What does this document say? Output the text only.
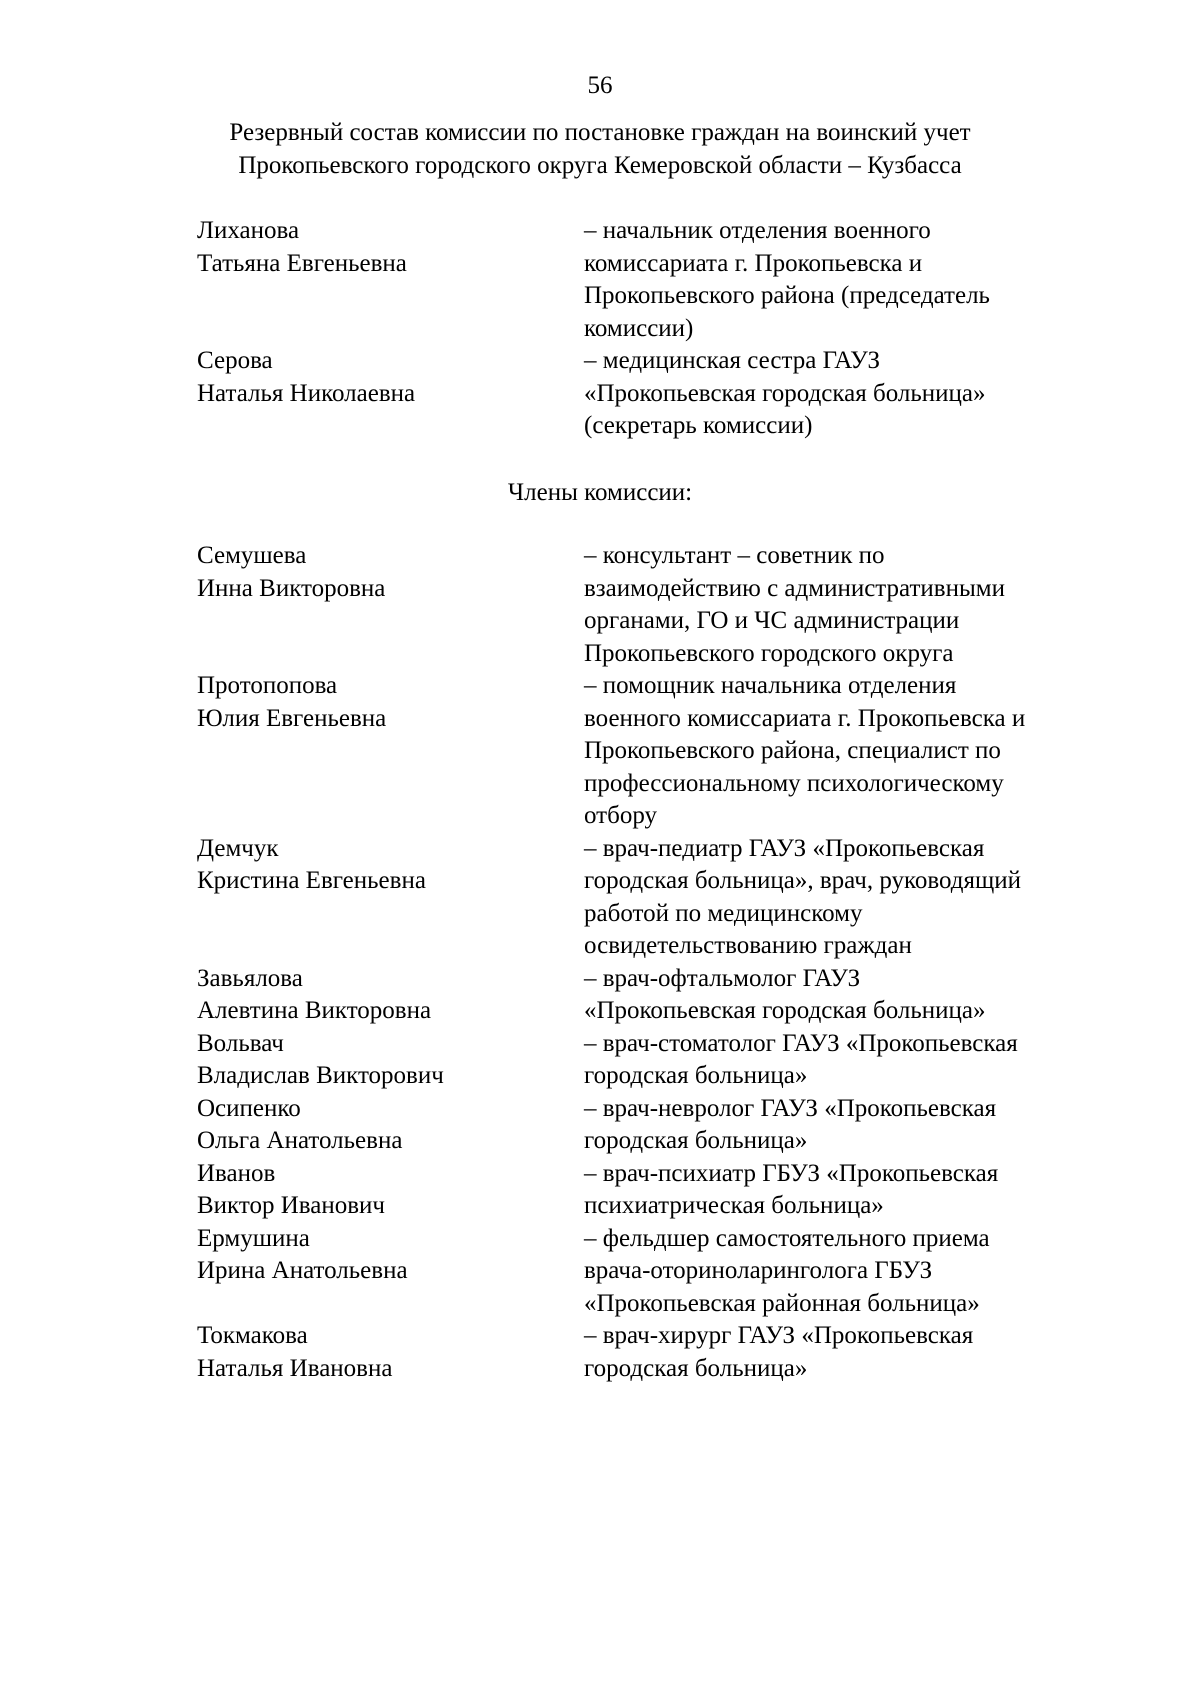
56
Резервный состав комиссии по постановке граждан на воинский учет
Прокопьевского городского округа Кемеровской области – Кузбасса
Лиханова
Татьяна Евгеньевна
– начальник отделения военного
комиссариата г. Прокопьевска и
Прокопьевского района (председатель
комиссии)
Серова
Наталья Николаевна
– медицинская сестра ГАУЗ
«Прокопьевская городская больница»
(секретарь комиссии)
Члены комиссии:
Семушева
Инна Викторовна
– консультант – советник по
взаимодействию с административными
органами, ГО и ЧС администрации
Прокопьевского городского округа
Протопопова
Юлия Евгеньевна
– помощник начальника отделения
военного комиссариата г. Прокопьевска и
Прокопьевского района, специалист по
профессиональному психологическому
отбору
Демчук
Кристина Евгеньевна
– врач-педиатр ГАУЗ «Прокопьевская
городская больница», врач, руководящий
работой по медицинскому
освидетельствованию граждан
Завьялова
Алевтина Викторовна
– врач-офтальмолог ГАУЗ
«Прокопьевская городская больница»
Вольвач
Владислав Викторович
– врач-стоматолог ГАУЗ «Прокопьевская
городская больница»
Осипенко
Ольга Анатольевна
– врач-невролог ГАУЗ «Прокопьевская
городская больница»
Иванов
Виктор Иванович
– врач-психиатр ГБУЗ «Прокопьевская
психиатрическая больница»
Ермушина
Ирина Анатольевна
– фельдшер самостоятельного приема
врача-оториноларинголога ГБУЗ
«Прокопьевская районная больница»
Токмакова
Наталья Ивановна
– врач-хирург ГАУЗ «Прокопьевская
городская больница»
